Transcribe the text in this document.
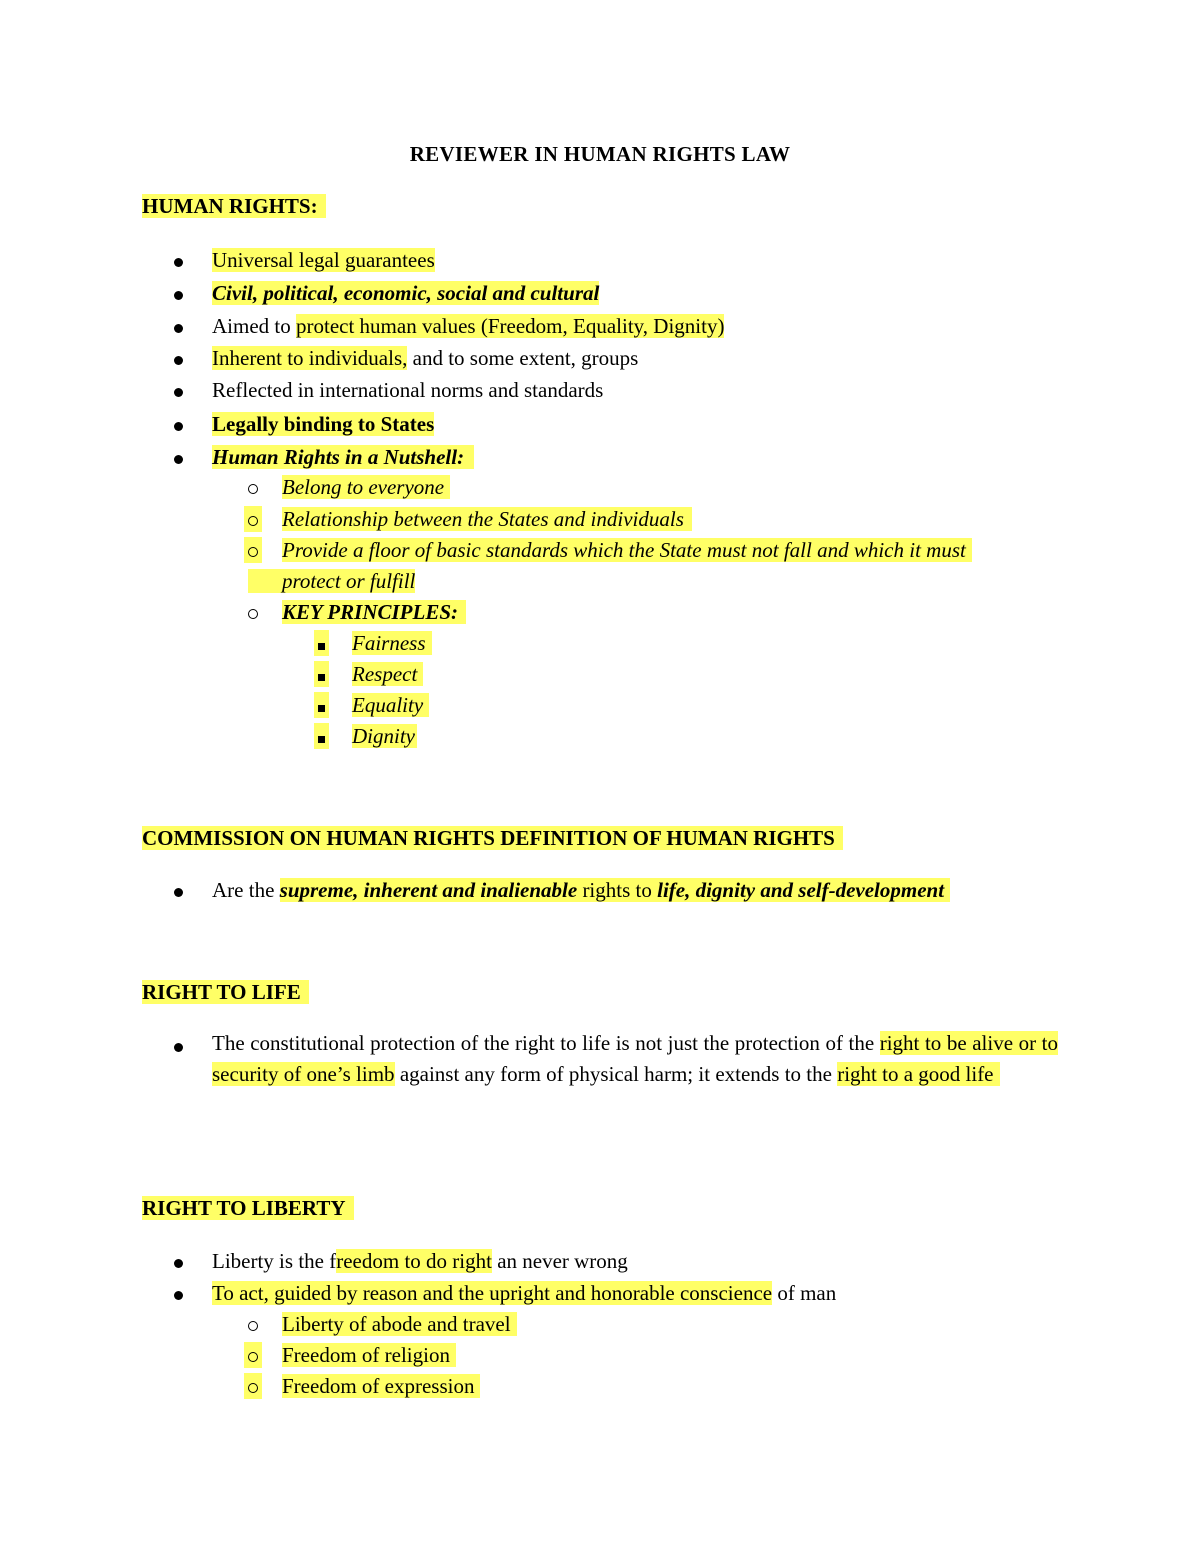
REVIEWER IN HUMAN RIGHTS LAW
HUMAN RIGHTS:
Universal legal guarantees
Civil, political, economic, social and cultural
Aimed to protect human values (Freedom, Equality, Dignity)
Inherent to individuals, and to some extent, groups
Reflected in international norms and standards
Legally binding to States
Human Rights in a Nutshell:
Belong to everyone
Relationship between the States and individuals
Provide a floor of basic standards which the State must not fall and which it must
protect or fulfill
KEY PRINCIPLES:
Fairness
Respect
Equality
Dignity
COMMISSION ON HUMAN RIGHTS DEFINITION OF HUMAN RIGHTS
Are the supreme, inherent and inalienable rights to life, dignity and self-development
RIGHT TO LIFE
The constitutional protection of the right to life is not just the protection of the right to be alive or to security of one’s limb against any form of physical harm; it extends to the right to a good life
RIGHT TO LIBERTY
Liberty is the freedom to do right an never wrong
To act, guided by reason and the upright and honorable conscience of man
Liberty of abode and travel
Freedom of religion
Freedom of expression
